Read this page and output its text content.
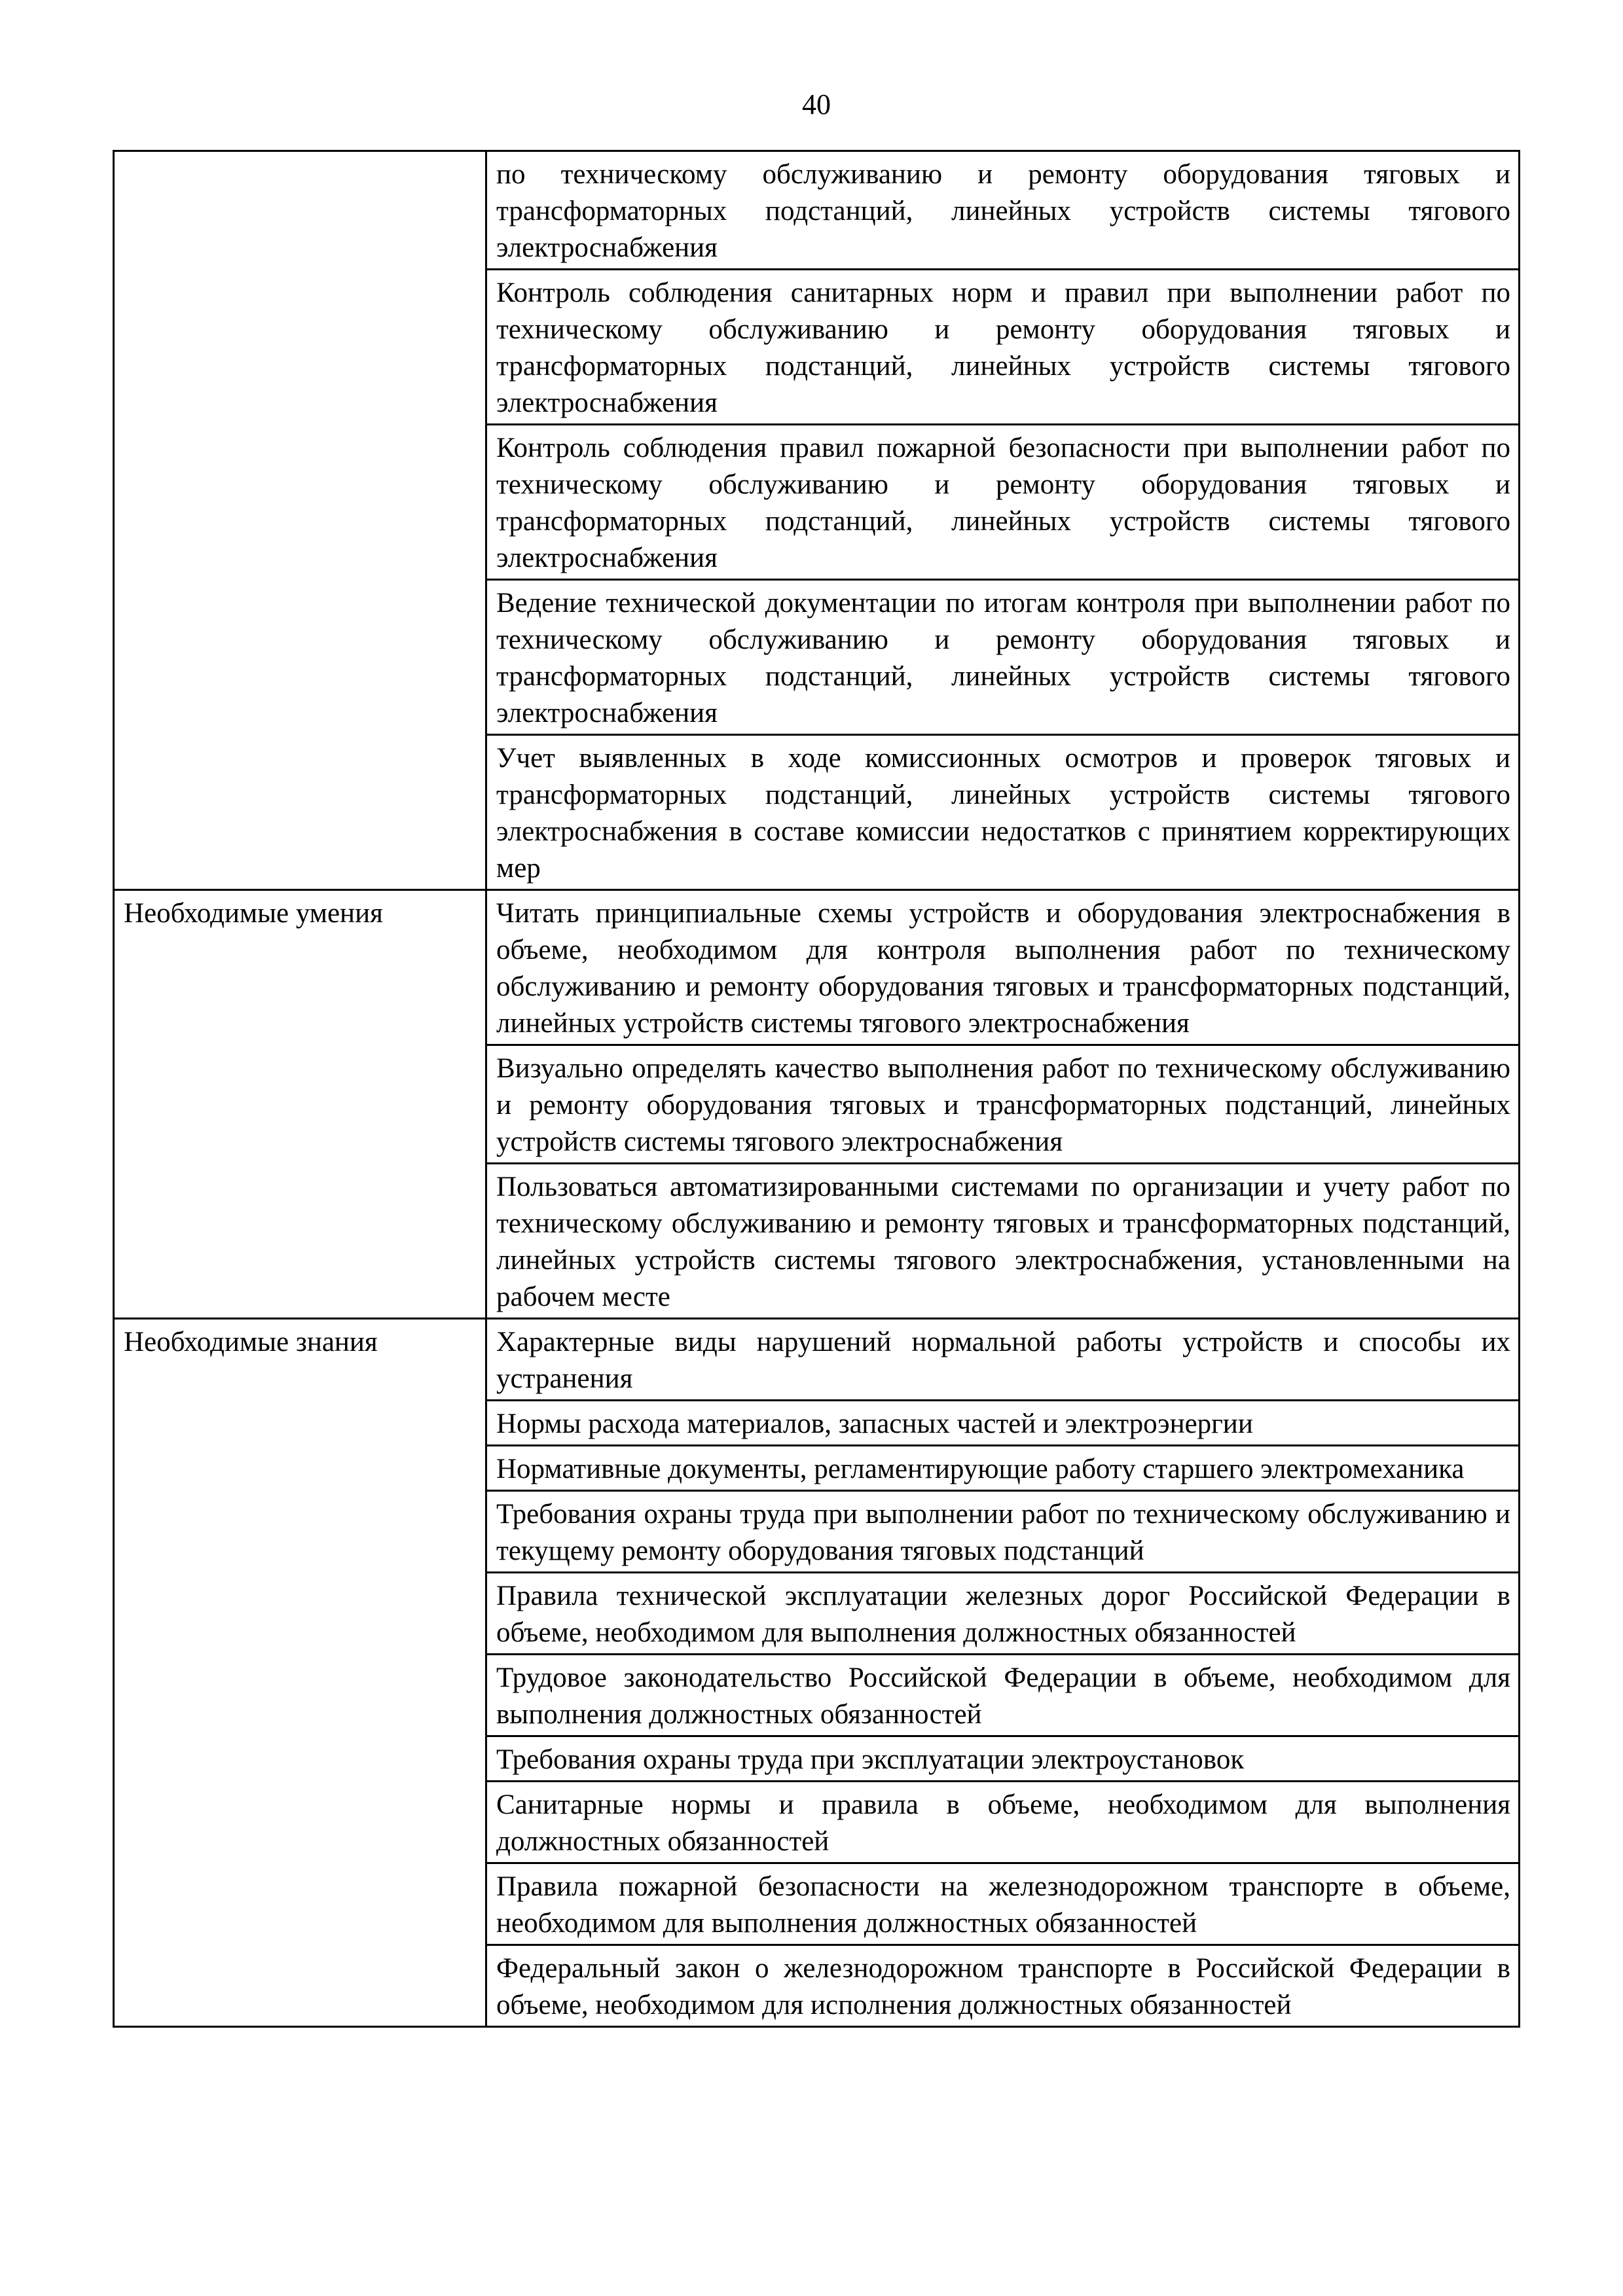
40
	по техническому обслуживанию и ремонту оборудования тяговых и трансформаторных подстанций, линейных устройств системы тягового электроснабжения
	Контроль соблюдения санитарных норм и правил при выполнении работ по техническому обслуживанию и ремонту оборудования тяговых и трансформаторных подстанций, линейных устройств системы тягового электроснабжения
	Контроль соблюдения правил пожарной безопасности при выполнении работ по техническому обслуживанию и ремонту оборудования тяговых и трансформаторных подстанций, линейных устройств системы тягового электроснабжения
	Ведение технической документации по итогам контроля при выполнении работ по техническому обслуживанию и ремонту оборудования тяговых и трансформаторных подстанций, линейных устройств системы тягового электроснабжения
	Учет выявленных в ходе комиссионных осмотров и проверок тяговых и трансформаторных подстанций, линейных устройств системы тягового электроснабжения в составе комиссии недостатков с принятием корректирующих мер
Необходимые умения	Читать принципиальные схемы устройств и оборудования электроснабжения в объеме, необходимом для контроля выполнения работ по техническому обслуживанию и ремонту оборудования тяговых и трансформаторных подстанций, линейных устройств системы тягового электроснабжения
	Визуально определять качество выполнения работ по техническому обслуживанию и ремонту оборудования тяговых и трансформаторных подстанций, линейных устройств системы тягового электроснабжения
	Пользоваться автоматизированными системами по организации и учету работ по техническому обслуживанию и ремонту тяговых и трансформаторных подстанций, линейных устройств системы тягового электроснабжения, установленными на рабочем месте
Необходимые знания	Характерные виды нарушений нормальной работы устройств и способы их устранения
	Нормы расхода материалов, запасных частей и электроэнергии
	Нормативные документы, регламентирующие работу старшего электромеханика
	Требования охраны труда при выполнении работ по техническому обслуживанию и текущему ремонту оборудования тяговых подстанций
	Правила технической эксплуатации железных дорог Российской Федерации в объеме, необходимом для выполнения должностных обязанностей
	Трудовое законодательство Российской Федерации в объеме, необходимом для выполнения должностных обязанностей
	Требования охраны труда при эксплуатации электроустановок
	Санитарные нормы и правила в объеме, необходимом для выполнения должностных обязанностей
	Правила пожарной безопасности на железнодорожном транспорте в объеме, необходимом для выполнения должностных обязанностей
	Федеральный закон о железнодорожном транспорте в Российской Федерации в объеме, необходимом для исполнения должностных обязанностей
